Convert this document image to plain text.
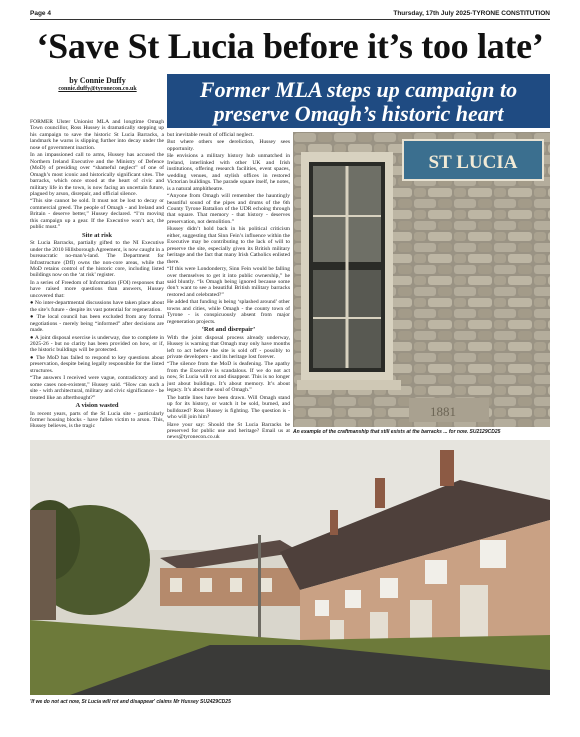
Page 4	Thursday, 17th July 2025-TYRONE CONSTITUTION
‘Save St Lucia before it’s too late’
by Connie Duffy
connie.duffy@tyronecon.co.uk	Former MLA steps up campaign to
preserve Omagh’s historic heart

FORMER Ulster Unionist MLA and longtime Omagh Town councillor, Ross Hussey is dramatically stepping up his campaign to save the historic St Lucia Barracks, a landmark he warns is slipping further into decay under the nose of government inaction.

In an impassioned call to arms, Hussey has accused the Northern Ireland Executive and the Ministry of Defence (MoD) of presiding over “shameful neglect” of one of Omagh’s most iconic and historically significant sites. The barracks, which once stood at the heart of civic and military life in the town, is now facing an uncertain future, plagued by arson, disrepair, and official silence.

“This site cannot be sold. It must not be lost to decay or commercial greed. The people of Omagh - and Ireland and Britain - deserve better,” Hussey declared. “I’m moving this campaign up a gear. If the Executive won’t act, the public must.”

Site at risk

St Lucia Barracks, partially gifted to the NI Executive under the 2010 Hillsborough Agreement, is now caught in a bureaucratic no-man’s-land. The Department for Infrastructure (DfI) owns the non-core areas, while the MoD retains control of the historic core, including listed buildings now on the ‘at risk’ register.

In a series of Freedom of Information (FOI) responses that have raised more questions than answers, Hussey uncovered that:

● No inter-departmental discussions have taken place about the site’s future - despite its vast potential for regeneration.

● The local council has been excluded from any formal negotiations - merely being “informed” after decisions are made.

● A joint disposal exercise is underway, due to complete in 2025-26 - but no clarity has been provided on how, or if, the historic buildings will be protected.

● The MoD has failed to respond to key questions about preservation, despite being legally responsible for the listed structures.

“The answers I received were vague, contradictory and in some cases non-existent,” Hussey said. “How can such a site - with architectural, military and civic significance - be treated like an afterthought?”

A vision wasted

In recent years, parts of the St Lucia site - particularly former housing blocks - have fallen victim to arson. This, Hussey believes, is the tragic

but inevitable result of official neglect.

But where others see dereliction, Hussey sees opportunity.

He envisions a military history hub unmatched in Ireland, interlinked with other UK and Irish institutions, offering research facilities, event spaces, wedding venues, and stylish offices in restored Victorian buildings. The parade square itself, he notes, is a natural amphitheatre.

“Anyone from Omagh will remember the hauntingly beautiful sound of the pipes and drums of the 6th County Tyrone Battalion of the UDR echoing through that square. That memory - that history - deserves preservation, not demolition.”

Hussey didn’t hold back in his political criticism either, suggesting that Sinn Fein’s influence within the Executive may be contributing to the lack of will to preserve the site, especially given its British military heritage and the fact that many Irish Catholics enlisted there.

“If this were Londonderry, Sinn Fein would be falling over themselves to get it into public ownership,” he said bluntly. “Is Omagh being ignored because some don’t want to see a beautiful British military barracks restored and celebrated?”

He added that funding is being ‘splashed around’ other towns and cities, while Omagh - the county town of Tyrone - is conspicuously absent from major regeneration projects.

‘Rot and disrepair’

With the joint disposal process already underway, Hussey is warning that Omagh may only have months left to act before the site is sold off - possibly to private developers - and its heritage lost forever.

“The silence from the MoD is deafening. The apathy from the Executive is scandalous. If we do not act now, St Lucia will rot and disappear. This is no longer just about buildings. It’s about memory. It’s about legacy. It’s about the soul of Omagh.”

The battle lines have been drawn. Will Omagh stand up for its history, or watch it be sold, burned, and bulldozed? Ross Hussey is fighting. The question is - who will join him?

Have your say: Should the St Lucia Barracks be preserved for public use and heritage? Email us at news@tyronecon.co.uk

ST LUCIA
1881
An example of the craftmanship that still exists at the barracks ... for now. SU2129CD25
'If we do not act now, St Lucia will rot and disappear' claims Mr Hussey SU2429CD25
